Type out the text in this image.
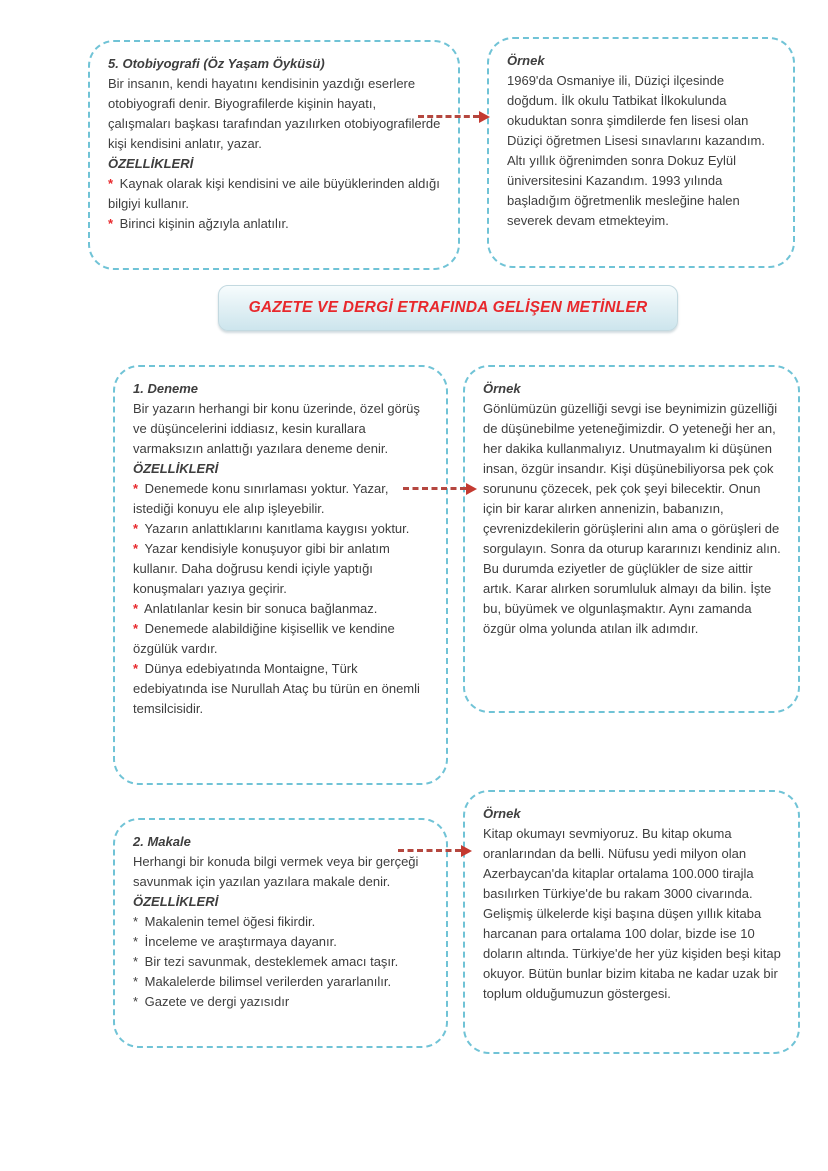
5. Otobiyografi (Öz Yaşam Öyküsü)

Bir insanın, kendi hayatını kendisinin yazdığı eserlere otobiyografi denir. Biyografilerde kişinin hayatı, çalışmaları başkası tarafından yazılırken otobiyografilerde kişi kendisini anlatır, yazar.

ÖZELLİKLERİ

* Kaynak olarak kişi kendisini ve aile büyüklerinden aldığı bilgiyi kullanır.

* Birinci kişinin ağzıyla anlatılır.

Örnek

1969'da Osmaniye ili, Düziçi ilçesinde doğdum. İlk okulu Tatbikat İlkokulunda okuduktan sonra şimdilerde fen lisesi olan Düziçi öğretmen Lisesi sınavlarını kazandım. Altı yıllık öğrenimden sonra Dokuz Eylül üniversitesini Kazandım. 1993 yılında başladığım öğretmenlik mesleğine halen severek devam etmekteyim.

GAZETE VE DERGİ ETRAFINDA GELİŞEN METİNLER

1. Deneme

Bir yazarın herhangi bir konu üzerinde, özel görüş ve düşüncelerini iddiasız, kesin kurallara varmaksızın anlattığı yazılara deneme denir.

ÖZELLİKLERİ

* Denemede konu sınırlaması yoktur. Yazar, istediği konuyu ele alıp işleyebilir.

* Yazarın anlattıklarını kanıtlama kaygısı yoktur.

* Yazar kendisiyle konuşuyor gibi bir anlatım kullanır. Daha doğrusu kendi içiyle yaptığı konuşmaları yazıya geçirir.

* Anlatılanlar kesin bir sonuca bağlanmaz.

* Denemede alabildiğine kişisellik ve kendine özgülük vardır.

* Dünya edebiyatında Montaigne, Türk edebiyatında ise Nurullah Ataç bu türün en önemli temsilcisidir.

Örnek

Gönlümüzün güzelliği sevgi ise beynimizin güzelliği de düşünebilme yeteneğimizdir. O yeteneği her an, her dakika kullanmalıyız. Unutmayalım ki düşünen insan, özgür insandır. Kişi düşünebiliyorsa pek çok sorununu çözecek, pek çok şeyi bilecektir. Onun için bir karar alırken annenizin, babanızın, çevrenizdekilerin görüşlerini alın ama o görüşleri de sorgulayın. Sonra da oturup kararınızı kendiniz alın. Bu durumda eziyetler de güçlükler de size aittir artık. Karar alırken sorumluluk almayı da bilin. İşte bu, büyümek ve olgunlaşmaktır. Aynı zamanda özgür olma yolunda atılan ilk adımdır.

2. Makale

Herhangi bir konuda bilgi vermek veya bir gerçeği savunmak için yazılan yazılara makale denir.

ÖZELLİKLERİ

* Makalenin temel öğesi fikirdir.

* İnceleme ve araştırmaya dayanır.

* Bir tezi savunmak, desteklemek amacı taşır.

* Makalelerde bilimsel verilerden yararlanılır.

* Gazete ve dergi yazısıdır

Örnek

Kitap okumayı sevmiyoruz. Bu kitap okuma oranlarından da belli. Nüfusu yedi milyon olan Azerbaycan'da kitaplar ortalama 100.000 tirajla basılırken Türkiye'de bu rakam 3000 civarında. Gelişmiş ülkelerde kişi başına düşen yıllık kitaba harcanan para ortalama 100 dolar, bizde ise 10 doların altında. Türkiye'de her yüz kişiden beşi kitap okuyor. Bütün bunlar bizim kitaba ne kadar uzak bir toplum olduğumuzun göstergesi.
